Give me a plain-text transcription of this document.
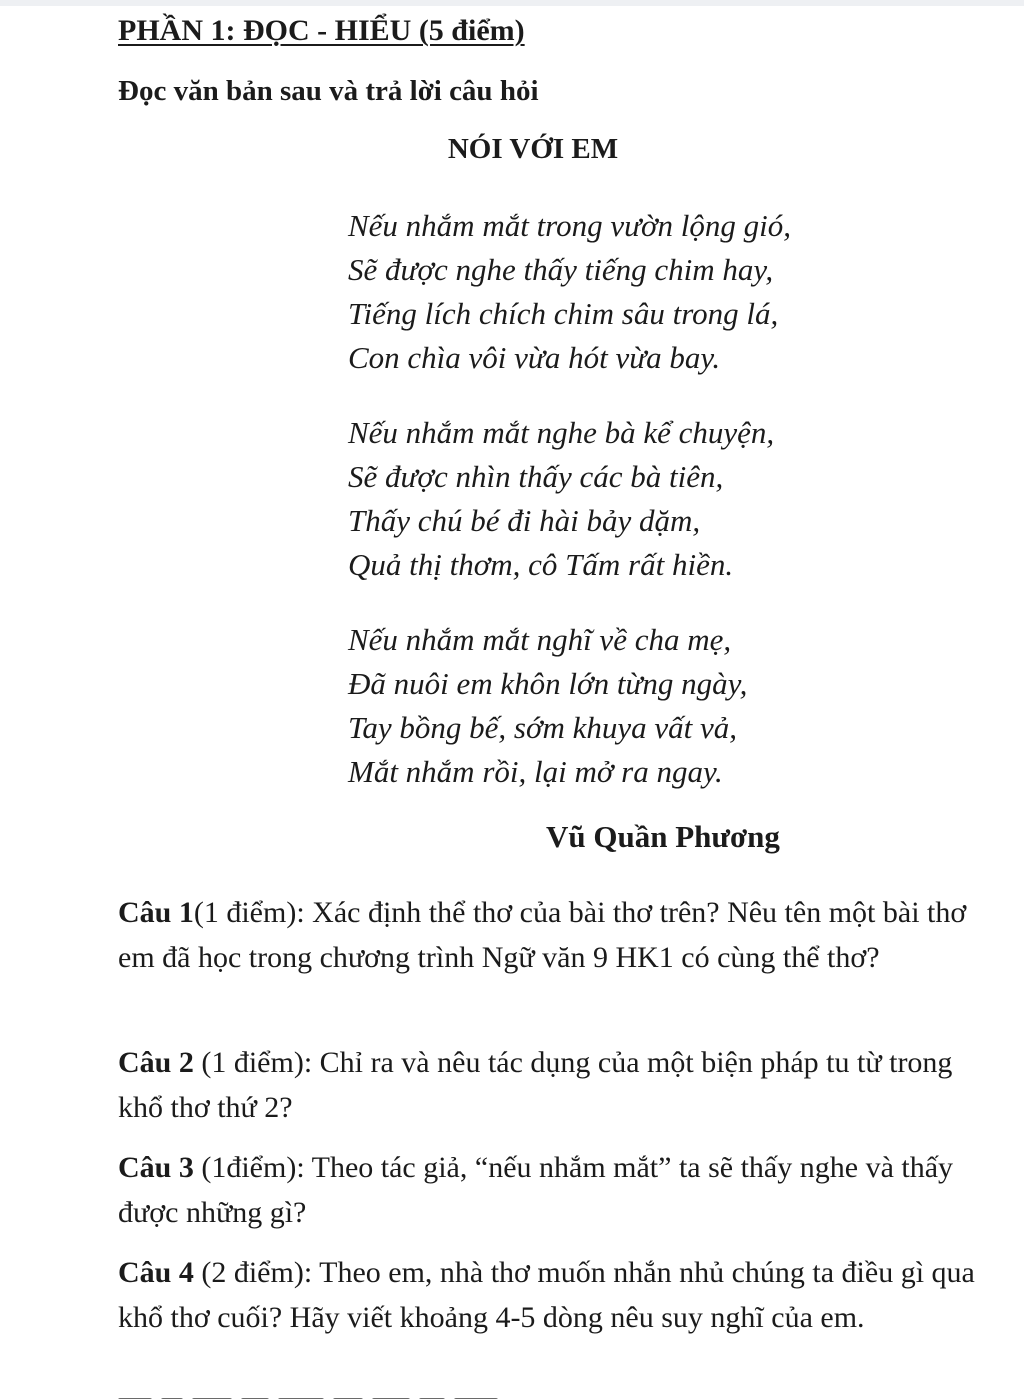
PHẦN 1: ĐỌC - HIỂU (5 điểm)

Đọc văn bản sau và trả lời câu hỏi

NÓI VỚI EM

Nếu nhắm mắt trong vườn lộng gió,
Sẽ được nghe thấy tiếng chim hay,
Tiếng lích chích chim sâu trong lá,
Con chìa vôi vừa hót vừa bay.

Nếu nhắm mắt nghe bà kể chuyện,
Sẽ được nhìn thấy các bà tiên,
Thấy chú bé đi hài bảy dặm,
Quả thị thơm, cô Tấm rất hiền.

Nếu nhắm mắt nghĩ về cha mẹ,
Đã nuôi em khôn lớn từng ngày,
Tay bồng bế, sớm khuya vất vả,
Mắt nhắm rồi, lại mở ra ngay.

Vũ Quần Phương

Câu 1(1 điểm): Xác định thể thơ của bài thơ trên? Nêu tên một bài thơ em đã học trong chương trình Ngữ văn 9 HK1 có cùng thể thơ?

Câu 2 (1 điểm): Chỉ ra và nêu tác dụng của một biện pháp tu từ trong khổ thơ thứ 2?

Câu 3 (1điểm): Theo tác giả, “nếu nhắm mắt” ta sẽ thấy nghe và thấy được những gì?

Câu 4 (2 điểm): Theo em, nhà thơ muốn nhắn nhủ chúng ta điều gì qua khổ thơ cuối? Hãy viết khoảng 4-5 dòng nêu suy nghĩ của em.
